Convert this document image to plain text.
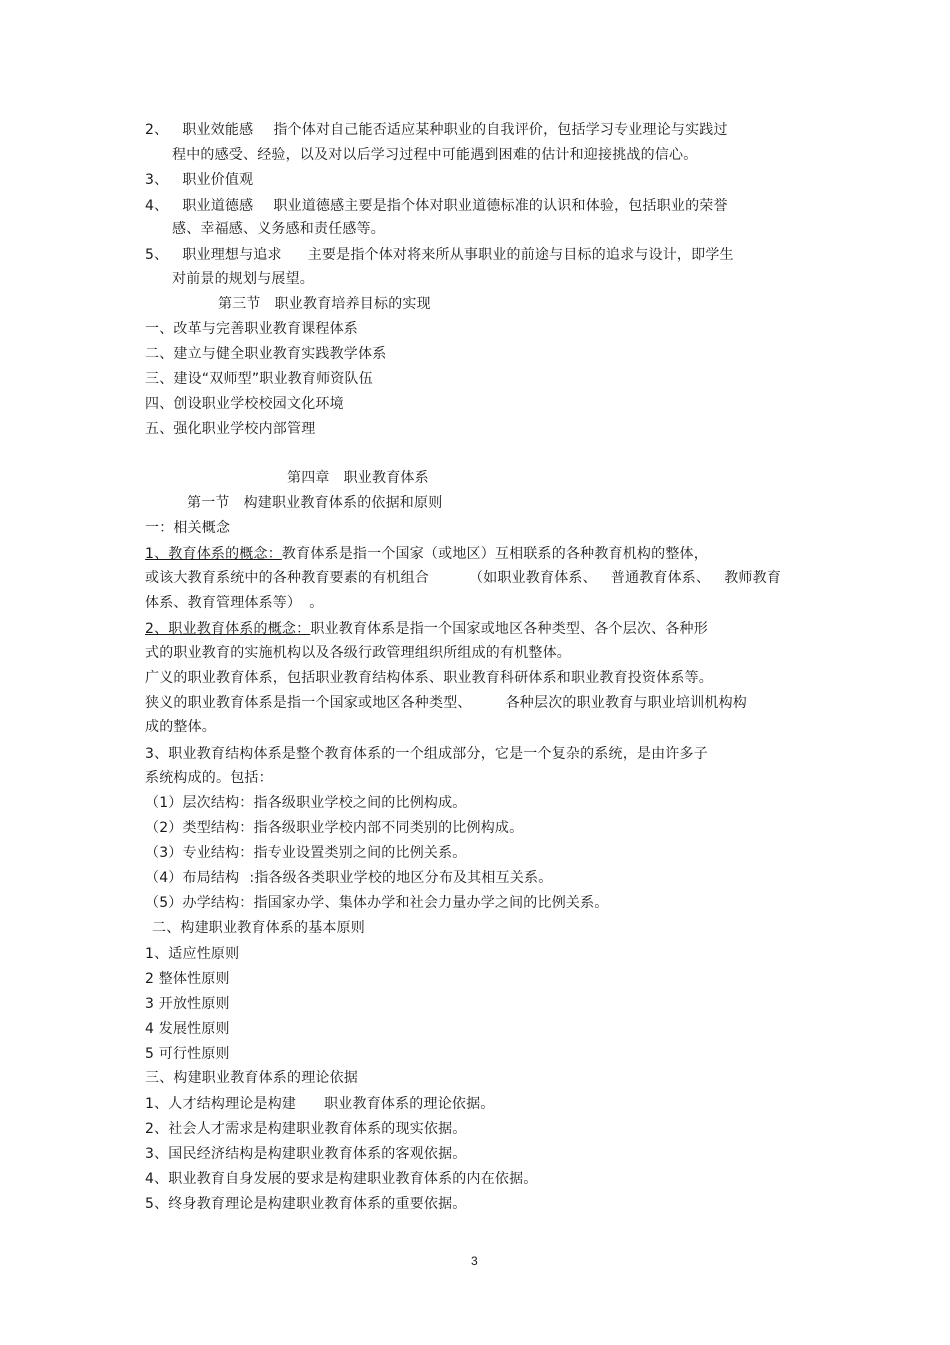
2、 职业效能感 指个体对自己能否适应某种职业的自我评价，包括学习专业理论与实践过
程中的感受、经验，以及对以后学习过程中可能遇到困难的估计和迎接挑战的信心。
3、 职业价值观
4、 职业道德感 职业道德感主要是指个体对职业道德标准的认识和体验，包括职业的荣誉
感、幸福感、义务感和责任感等。
5、 职业理想与追求 主要是指个体对将来所从事职业的前途与目标的追求与设计，即学生
对前景的规划与展望。
第三节 职业教育培养目标的实现
一、改革与完善职业教育课程体系
二、建立与健全职业教育实践教学体系
三、建设“双师型”职业教育师资队伍
四、创设职业学校校园文化环境
五、强化职业学校内部管理
第四章 职业教育体系
第一节 构建职业教育体系的依据和原则
一：相关概念
1、教育体系的概念：教育体系是指一个国家（或地区）互相联系的各种教育机构的整体，
或该大教育系统中的各种教育要素的有机组合	（如职业教育体系、 普通教育体系、 教师教育
体系、教育管理体系等） 。
2、职业教育体系的概念：职业教育体系是指一个国家或地区各种类型、各个层次、各种形
式的职业教育的实施机构以及各级行政管理组织所组成的有机整体。
广义的职业教育体系，包括职业教育结构体系、职业教育科研体系和职业教育投资体系等。
狭义的职业教育体系是指一个国家或地区各种类型、 各种层次的职业教育与职业培训机构构
成的整体。
3、职业教育结构体系是整个教育体系的一个组成部分，它是一个复杂的系统，是由许多子
系统构成的。包括：
（1）层次结构：指各级职业学校之间的比例构成。
（2）类型结构：指各级职业学校内部不同类别的比例构成。
（3）专业结构：指专业设置类别之间的比例关系。
（4）布局结构 :指各级各类职业学校的地区分布及其相互关系。
（5）办学结构：指国家办学、集体办学和社会力量办学之间的比例关系。
二、构建职业教育体系的基本原则
1、适应性原则
2 整体性原则
3 开放性原则
4 发展性原则
5 可行性原则
三、构建职业教育体系的理论依据
1、人才结构理论是构建 职业教育体系的理论依据。
2、社会人才需求是构建职业教育体系的现实依据。
3、国民经济结构是构建职业教育体系的客观依据。
4、职业教育自身发展的要求是构建职业教育体系的内在依据。
5、终身教育理论是构建职业教育体系的重要依据。
3
